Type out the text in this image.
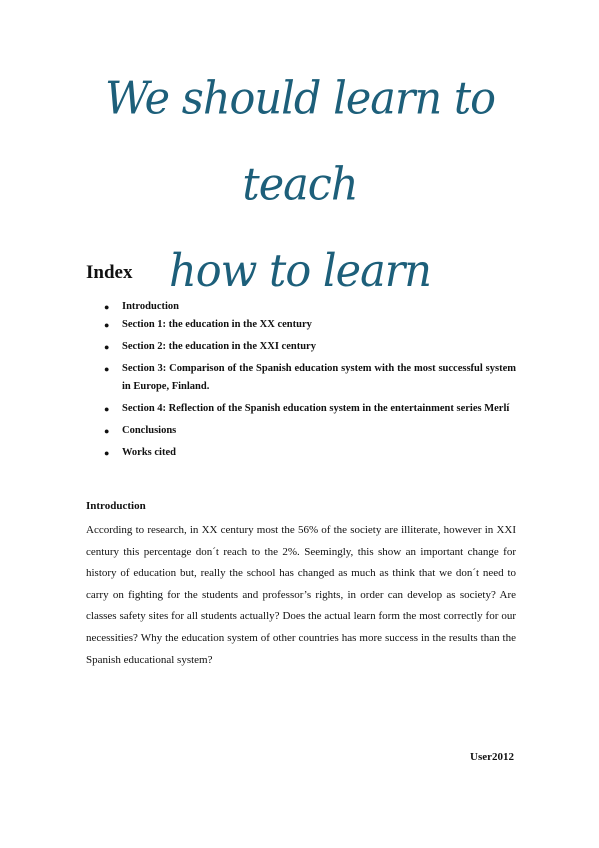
We should learn to teach
how to learn
Index
● Introduction
● Section 1: the education in the XX century
● Section 2: the education in the XXI century
● Section 3: Comparison of the Spanish education system with the most successful system in Europe, Finland.
● Section 4: Reflection of the Spanish education system in the entertainment series Merlí
● Conclusions
● Works cited
Introduction

According to research, in XX century most the 56% of the society are illiterate, however in XXI century this percentage don´t reach to the 2%. Seemingly, this show an important change for history of education but, really the school has changed as much as think that we don´t need to carry on fighting for the students and professor’s rights, in order can develop as society? Are classes safety sites for all students actually? Does the actual learn form the most correctly for our necessities? Why the education system of other countries has more success in the results than the Spanish educational system?

User2012
